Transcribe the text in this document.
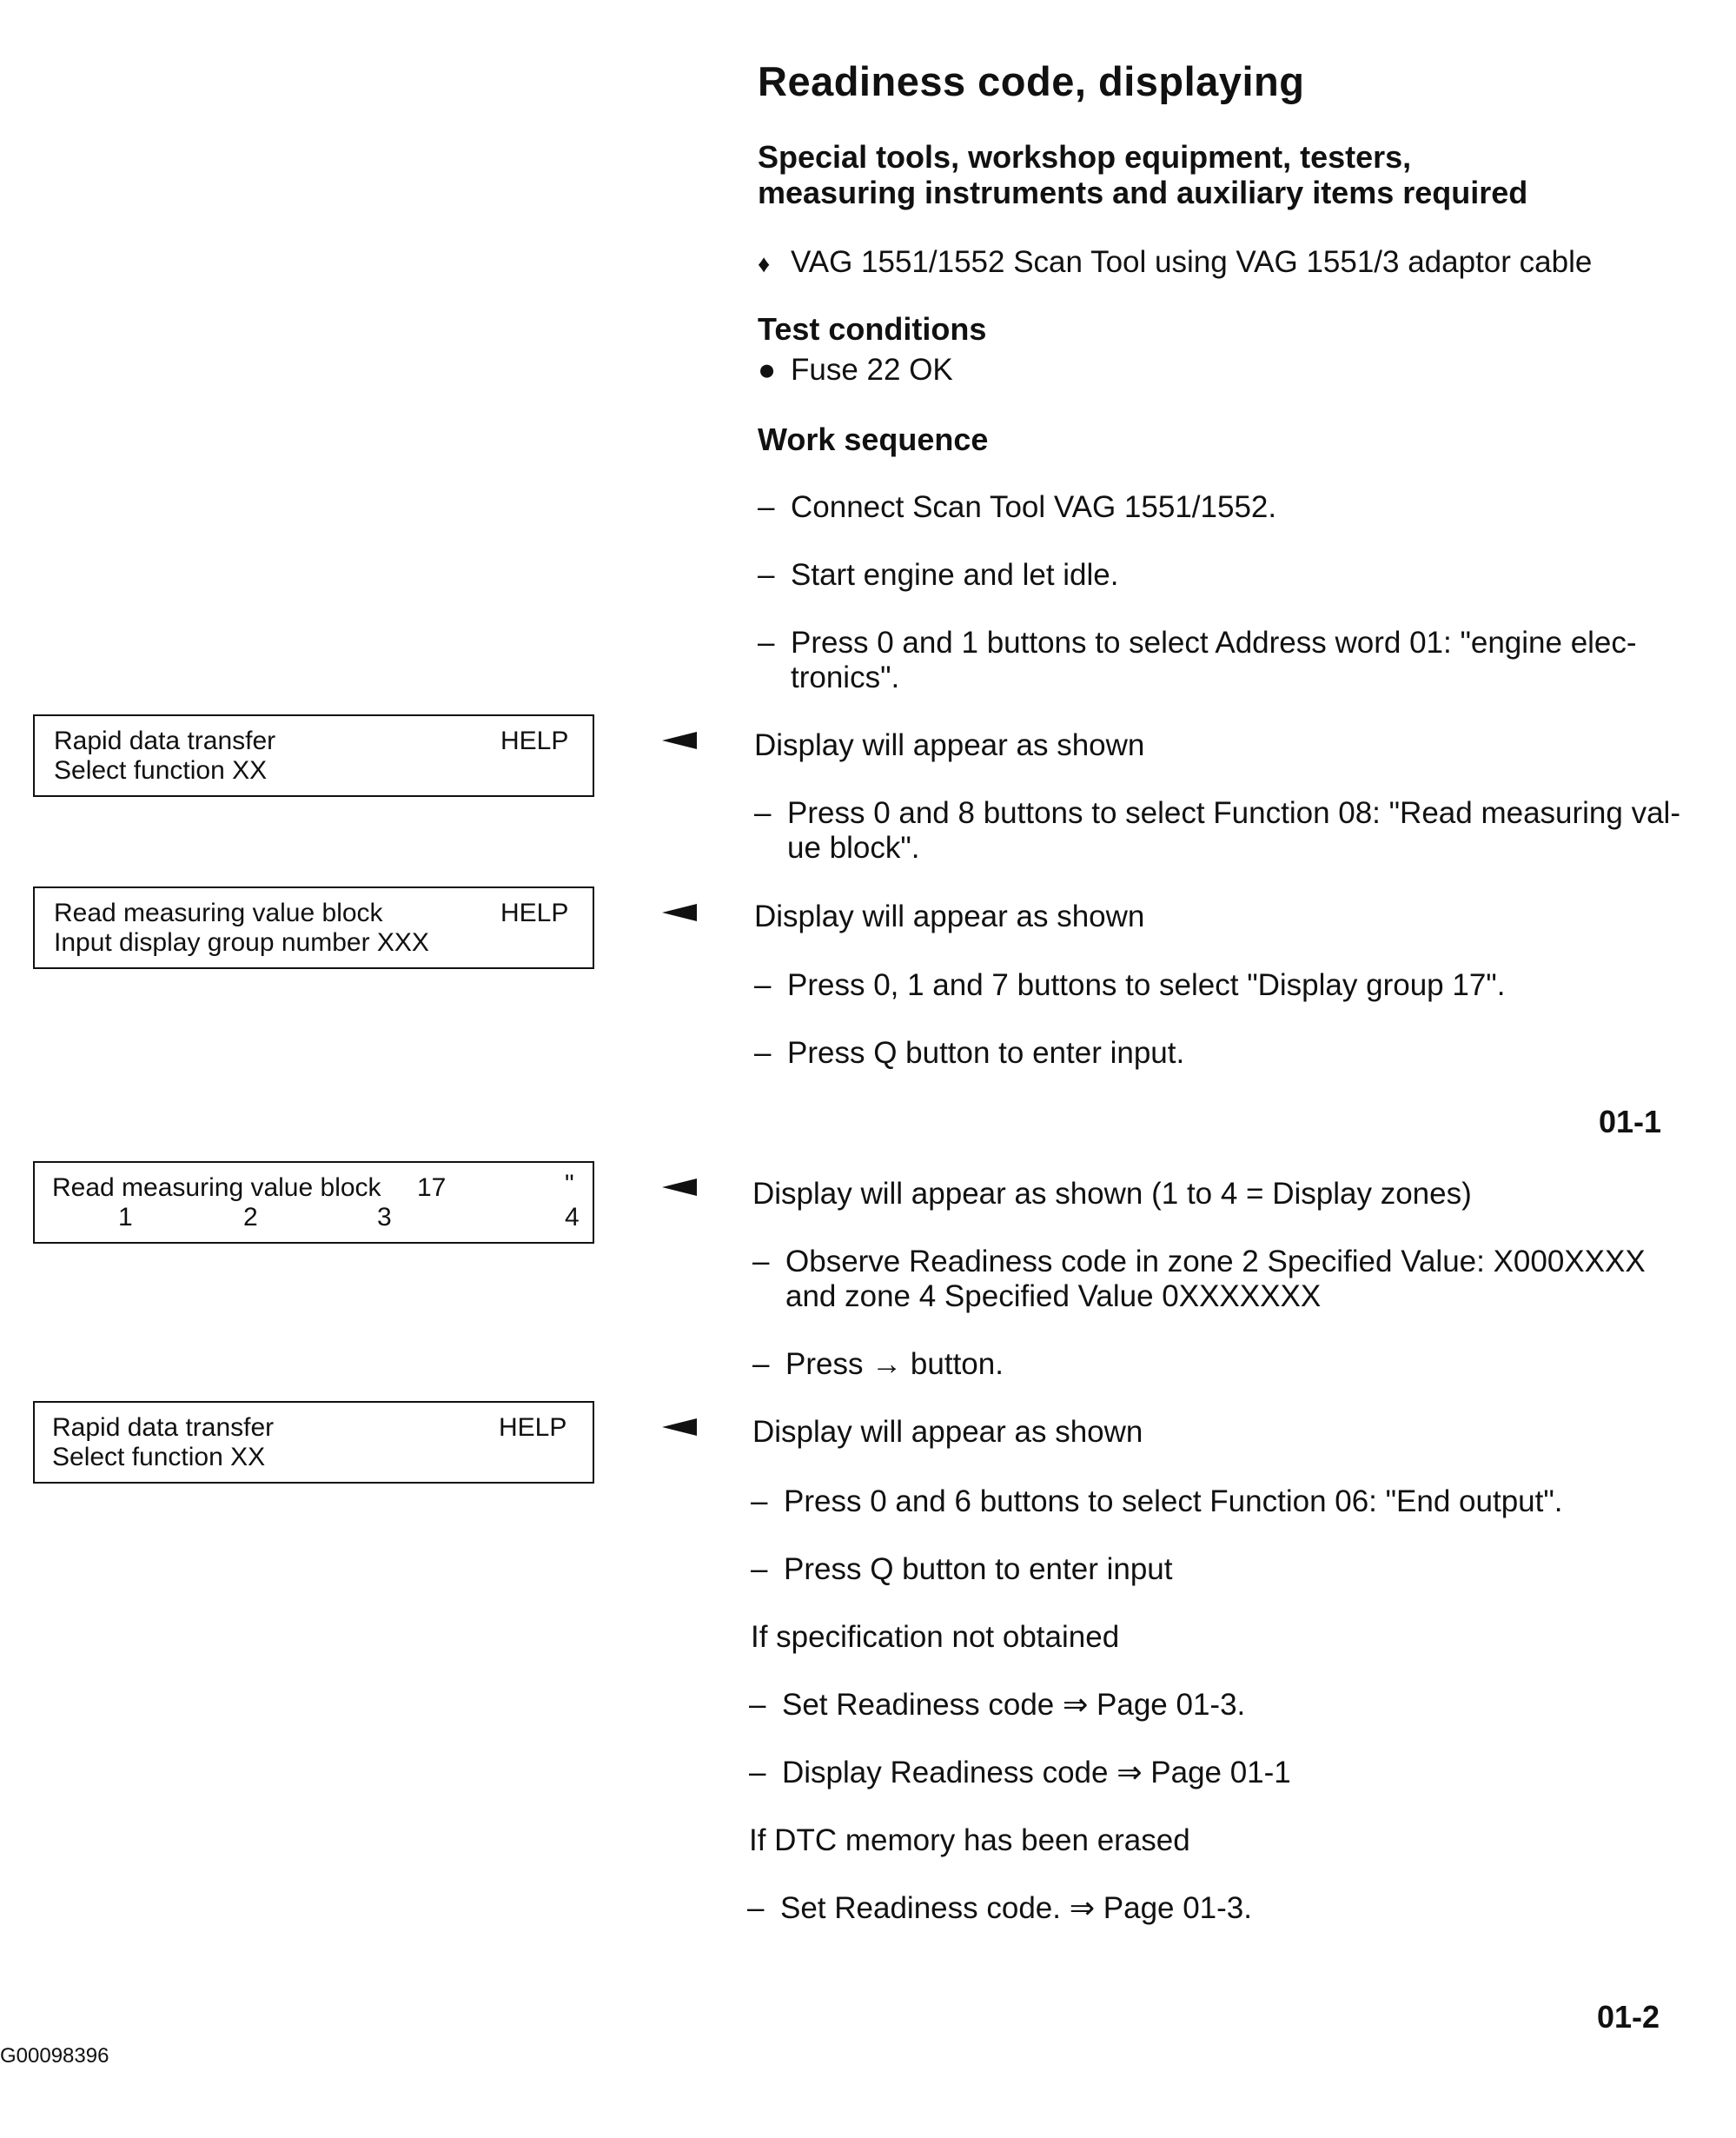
Readiness code, displaying
Special tools, workshop equipment, testers,
measuring instruments and auxiliary items required
♦ VAG 1551/1552 Scan Tool using VAG 1551/3 adaptor cable
Test conditions
● Fuse 22 OK
Work sequence
– Connect Scan Tool VAG 1551/1552.
– Start engine and let idle.
– Press 0 and 1 buttons to select Address word 01: "engine elec-
tronics".
Display will appear as shown
– Press 0 and 8 buttons to select Function 08: "Read measuring val-
ue block".
Display will appear as shown
– Press 0, 1 and 7 buttons to select "Display group 17".
– Press Q button to enter input.
01-1
Display will appear as shown (1 to 4 = Display zones)
– Observe Readiness code in zone 2 Specified Value: X000XXXX
and zone 4 Specified Value 0XXXXXXX
– Press → button.
Display will appear as shown
– Press 0 and 6 buttons to select Function 06: "End output".
– Press Q button to enter input
If specification not obtained
– Set Readiness code ⇒ Page 01-3.
– Display Readiness code ⇒ Page 01-1
If DTC memory has been erased
– Set Readiness code. ⇒ Page 01-3.
Rapid data transfer	HELP
Select function XX
Read measuring value block	HELP
Input display group number XXX
Read measuring value block 17	"
1	2	3	4
Rapid data transfer	HELP
Select function XX
01-2
G00098396
